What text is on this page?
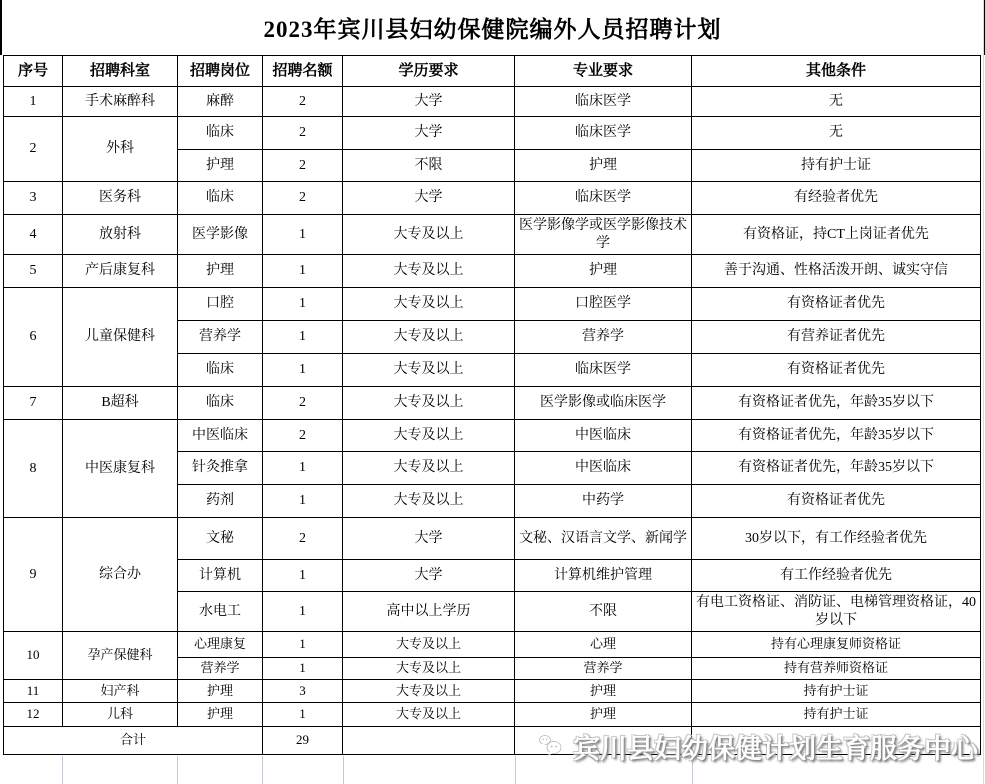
2023年宾川县妇幼保健院编外人员招聘计划
序号	招聘科室	招聘岗位	招聘名额	学历要求	专业要求	其他条件
1	手术麻醉科	麻醉	2	大学	临床医学	无
2	外科	临床	2	大学	临床医学	无
		护理	2	不限	护理	持有护士证
3	医务科	临床	2	大学	临床医学	有经验者优先
4	放射科	医学影像	1	大专及以上	医学影像学或医学影像技术学	有资格证，持CT上岗证者优先
5	产后康复科	护理	1	大专及以上	护理	善于沟通、性格活泼开朗、诚实守信
6	儿童保健科	口腔	1	大专及以上	口腔医学	有资格证者优先
		营养学	1	大专及以上	营养学	有营养证者优先
		临床	1	大专及以上	临床医学	有资格证者优先
7	B超科	临床	2	大专及以上	医学影像或临床医学	有资格证者优先，年龄35岁以下
8	中医康复科	中医临床	2	大专及以上	中医临床	有资格证者优先，年龄35岁以下
		针灸推拿	1	大专及以上	中医临床	有资格证者优先，年龄35岁以下
		药剂	1	大专及以上	中药学	有资格证者优先
9	综合办	文秘	2	大学	文秘、汉语言文学、新闻学	30岁以下，有工作经验者优先
		计算机	1	大学	计算机维护管理	有工作经验者优先
		水电工	1	高中以上学历	不限	有电工资格证、消防证、电梯管理资格证，40岁以下
10	孕产保健科	心理康复	1	大专及以上	心理	持有心理康复师资格证
		营养学	1	大专及以上	营养学	持有营养师资格证
11	妇产科	护理	3	大专及以上	护理	持有护士证
12	儿科	护理	1	大专及以上	护理	持有护士证
合计			29				宾川县妇幼保健计划生育服务中心
